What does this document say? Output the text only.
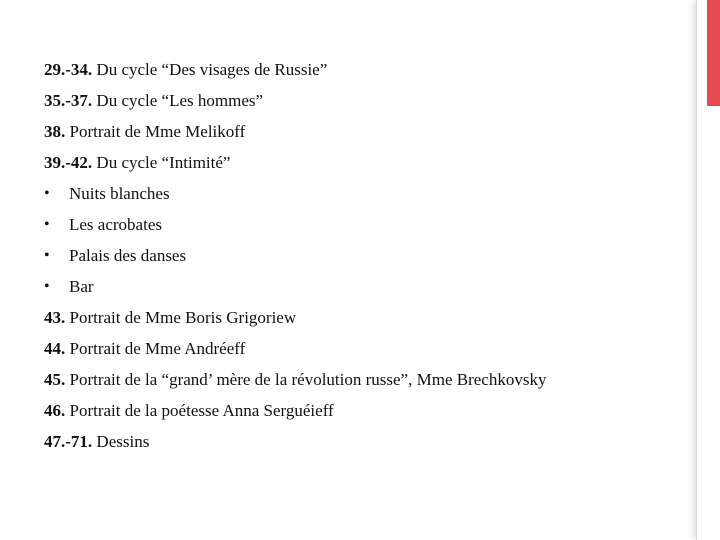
29.-34. Du cycle “Des visages de Russie”
35.-37. Du cycle “Les hommes”
38. Portrait de Mme Melikoff
39.-42. Du cycle “Intimité”
• Nuits blanches
• Les acrobates
• Palais des danses
• Bar
43. Portrait de Mme Boris Grigoriew
44. Portrait de Mme Andréeff
45. Portrait de la “grand’ mère de la révolution russe”, Mme Brechkovsky
46. Portrait de la poétesse Anna Serguéieff
47.-71. Dessins
